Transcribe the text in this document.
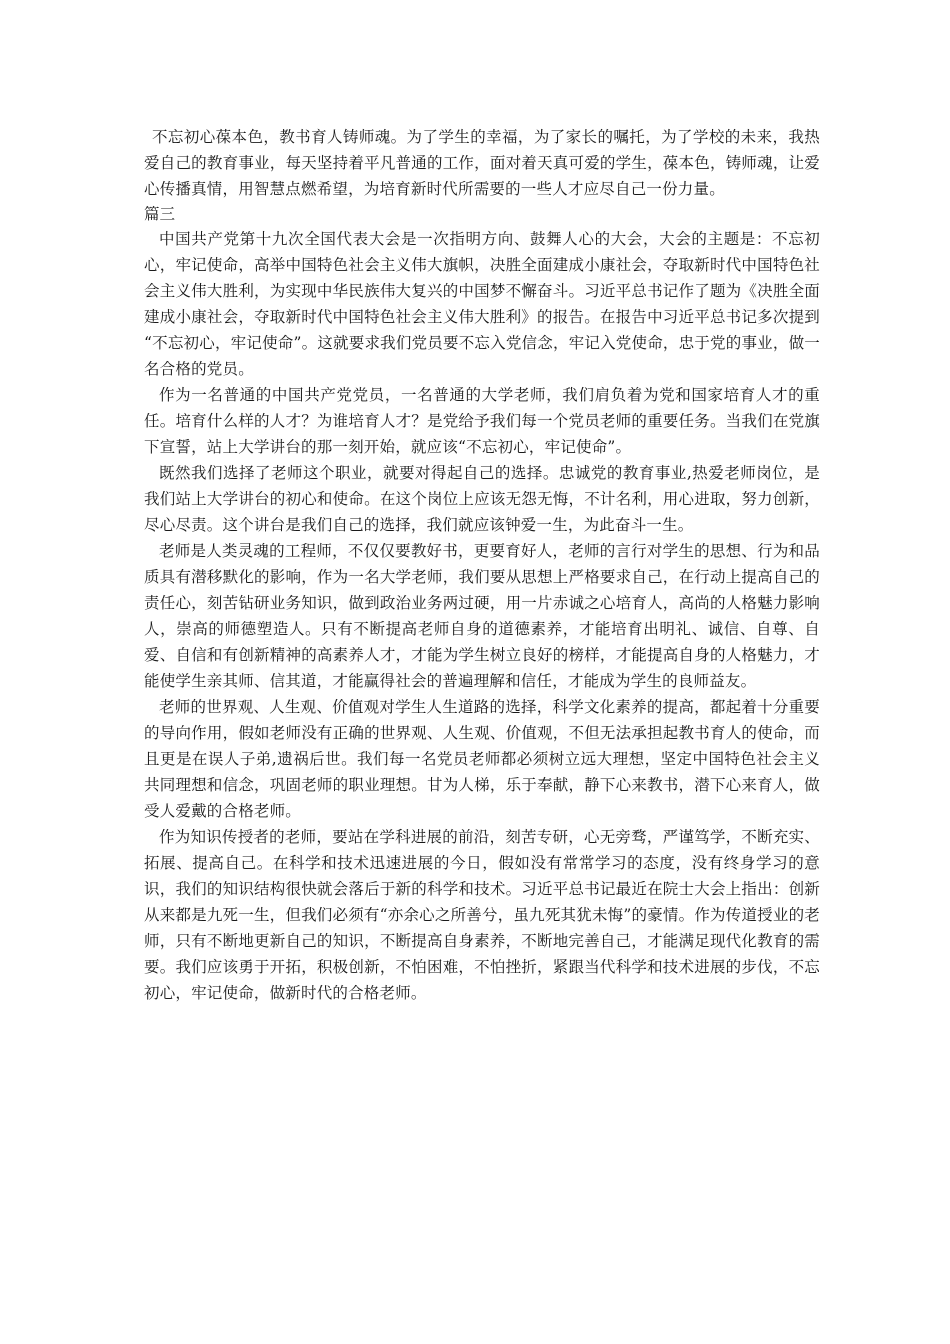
不忘初心葆本色，教书育人铸师魂。为了学生的幸福，为了家长的嘱托，为了学校的未来，我热爱自己的教育事业，每天坚持着平凡普通的工作，面对着天真可爱的学生，葆本色，铸师魂，让爱心传播真情，用智慧点燃希望，为培育新时代所需要的一些人才应尽自己一份力量。

篇三

中国共产党第十九次全国代表大会是一次指明方向、鼓舞人心的大会，大会的主题是：不忘初心，牢记使命，高举中国特色社会主义伟大旗帜，决胜全面建成小康社会，夺取新时代中国特色社会主义伟大胜利，为实现中华民族伟大复兴的中国梦不懈奋斗。习近平总书记作了题为《决胜全面建成小康社会，夺取新时代中国特色社会主义伟大胜利》的报告。在报告中习近平总书记多次提到 “不忘初心，牢记使命”。这就要求我们党员要不忘入党信念，牢记入党使命，忠于党的事业，做一名合格的党员。

作为一名普通的中国共产党党员，一名普通的大学老师，我们肩负着为党和国家培育人才的重任。培育什么样的人才？为谁培育人才？是党给予我们每一个党员老师的重要任务。当我们在党旗下宣誓，站上大学讲台的那一刻开始，就应该“不忘初心，牢记使命”。

既然我们选择了老师这个职业，就要对得起自己的选择。忠诚党的教育事业,热爱老师岗位，是我们站上大学讲台的初心和使命。在这个岗位上应该无怨无悔，不计名利，用心进取，努力创新，尽心尽责。这个讲台是我们自己的选择，我们就应该钟爱一生，为此奋斗一生。

老师是人类灵魂的工程师，不仅仅要教好书，更要育好人，老师的言行对学生的思想、行为和品质具有潜移默化的影响，作为一名大学老师，我们要从思想上严格要求自己，在行动上提高自己的责任心，刻苦钻研业务知识，做到政治业务两过硬，用一片赤诚之心培育人，高尚的人格魅力影响人，崇高的师德塑造人。只有不断提高老师自身的道德素养，才能培育出明礼、诚信、自尊、自爱、自信和有创新精神的高素养人才，才能为学生树立良好的榜样，才能提高自身的人格魅力，才能使学生亲其师、信其道，才能赢得社会的普遍理解和信任，才能成为学生的良师益友。

老师的世界观、人生观、价值观对学生人生道路的选择，科学文化素养的提高，都起着十分重要的导向作用，假如老师没有正确的世界观、人生观、价值观，不但无法承担起教书育人的使命，而且更是在误人子弟,遗祸后世。我们每一名党员老师都必须树立远大理想，坚定中国特色社会主义共同理想和信念，巩固老师的职业理想。甘为人梯，乐于奉献，静下心来教书，潜下心来育人，做受人爱戴的合格老师。

作为知识传授者的老师，要站在学科进展的前沿，刻苦专研，心无旁骛，严谨笃学，不断充实、拓展、提高自己。在科学和技术迅速进展的今日，假如没有常常学习的态度，没有终身学习的意识，我们的知识结构很快就会落后于新的科学和技术。习近平总书记最近在院士大会上指出：创新从来都是九死一生，但我们必须有“亦余心之所善兮，虽九死其犹未悔”的豪情。作为传道授业的老师，只有不断地更新自己的知识，不断提高自身素养，不断地完善自己，才能满足现代化教育的需要。我们应该勇于开拓，积极创新，不怕困难，不怕挫折，紧跟当代科学和技术进展的步伐，不忘初心，牢记使命，做新时代的合格老师。
